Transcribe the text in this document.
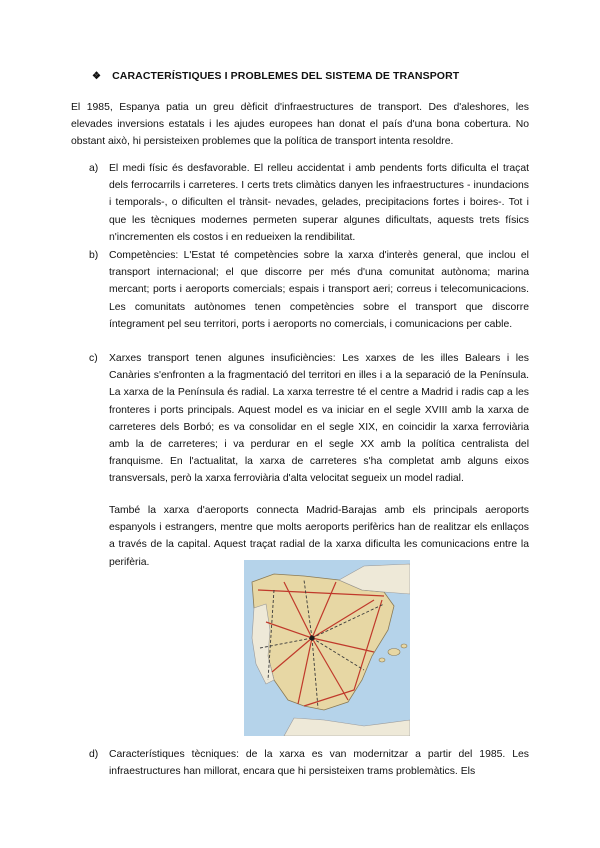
❖ CARACTERÍSTIQUES I PROBLEMES DEL SISTEMA DE TRANSPORT

El 1985, Espanya patia un greu dèficit d'infraestructures de transport. Des d'aleshores, les elevades inversions estatals i les ajudes europees han donat el país d'una bona cobertura. No obstant això, hi persisteixen problemes que la política de transport intenta resoldre.

a) El medi físic és desfavorable. El relleu accidentat i amb pendents forts dificulta el traçat dels ferrocarrils i carreteres. I certs trets climàtics danyen les infraestructures - inundacions i temporals-, o dificulten el trànsit- nevades, gelades, precipitacions fortes i boires-. Tot i que les tècniques modernes permeten superar algunes dificultats, aquests trets físics n'incrementen els costos i en redueixen la rendibilitat.
b) Competències: L'Estat té competències sobre la xarxa d'interès general, que inclou el transport internacional; el que discorre per més d'una comunitat autònoma; marina mercant; ports i aeroports comercials; espais i transport aeri; correus i telecomunicacions. Les comunitats autònomes tenen competències sobre el transport que discorre íntegrament pel seu territori, ports i aeroports no comercials, i comunicacions per cable.
c) Xarxes transport tenen algunes insuficiències: Les xarxes de les illes Balears i les Canàries s'enfronten a la fragmentació del territori en illes i a la separació de la Península. La xarxa de la Península és radial. La xarxa terrestre té el centre a Madrid i radis cap a les fronteres i ports principals. Aquest model es va iniciar en el segle XVIII amb la xarxa de carreteres dels Borbó; es va consolidar en el segle XIX, en coincidir la xarxa ferroviària amb la de carreteres; i va perdurar en el segle XX amb la política centralista del franquisme. En l'actualitat, la xarxa de carreteres s'ha completat amb alguns eixos transversals, però la xarxa ferroviària d'alta velocitat segueix un model radial.
També la xarxa d'aeroports connecta Madrid-Barajas amb els principals aeroports espanyols i estrangers, mentre que molts aeroports perifèrics han de realitzar els enllaços a través de la capital. Aquest traçat radial de la xarxa dificulta les comunicacions entre la perifèria.
d) Característiques tècniques: de la xarxa es van modernitzar a partir del 1985. Les infraestructures han millorat, encara que hi persisteixen trams problemàtics. Els
